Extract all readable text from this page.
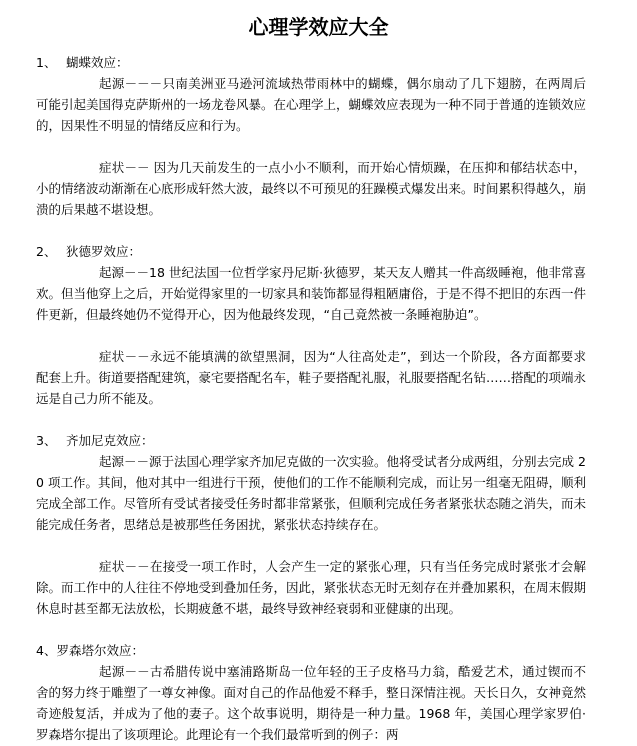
心理学效应大全

1、 蝴蝶效应：

起源－－－只南美洲亚马逊河流域热带雨林中的蝴蝶，偶尔扇动了几下翅膀，在两周后可能引起美国得克萨斯州的一场龙卷风暴。在心理学上，蝴蝶效应表现为一种不同于普通的连锁效应的，因果性不明显的情绪反应和行为。

症状－－ 因为几天前发生的一点小小不顺利，而开始心情烦躁，在压抑和郁结状态中，小的情绪波动渐渐在心底形成轩然大波，最终以不可预见的狂躁模式爆发出来。时间累积得越久，崩溃的后果越不堪设想。

2、 狄德罗效应：

起源－－18 世纪法国一位哲学家丹尼斯·狄德罗，某天友人赠其一件高级睡袍，他非常喜欢。但当他穿上之后，开始觉得家里的一切家具和装饰都显得粗陋庸俗，于是不得不把旧的东西一件件更新，但最终她仍不觉得开心，因为他最终发现，“自己竟然被一条睡袍胁迫”。

症状－－永远不能填满的欲望黑洞，因为“人往高处走”，到达一个阶段，各方面都要求配套上升。街道要搭配建筑，豪宅要搭配名车，鞋子要搭配礼服，礼服要搭配名钻……搭配的项端永远是自己力所不能及。

3、 齐加尼克效应：

起源－－源于法国心理学家齐加尼克做的一次实验。他将受试者分成两组，分别去完成 20 项工作。其间，他对其中一组进行干预，使他们的工作不能顺利完成，而让另一组毫无阻碍，顺利完成全部工作。尽管所有受试者接受任务时都非常紧张，但顺利完成任务者紧张状态随之消失，而未能完成任务者，思绪总是被那些任务困扰，紧张状态持续存在。

症状－－在接受一项工作时，人会产生一定的紧张心理，只有当任务完成时紧张才会解除。而工作中的人往往不停地受到叠加任务，因此，紧张状态无时无刻存在并叠加累积，在周末假期休息时甚至都无法放松，长期疲惫不堪，最终导致神经衰弱和亚健康的出现。

4、罗森塔尔效应：

起源－－古希腊传说中塞浦路斯岛一位年轻的王子皮格马力翁，酷爱艺术，通过锲而不舍的努力终于雕塑了一尊女神像。面对自己的作品他爱不释手，整日深情注视。天长日久，女神竟然奇迹般复活，并成为了他的妻子。这个故事说明，期待是一种力量。1968 年，美国心理学家罗伯·罗森塔尔提出了该项理论。此理论有一个我们最常听到的例子：两
